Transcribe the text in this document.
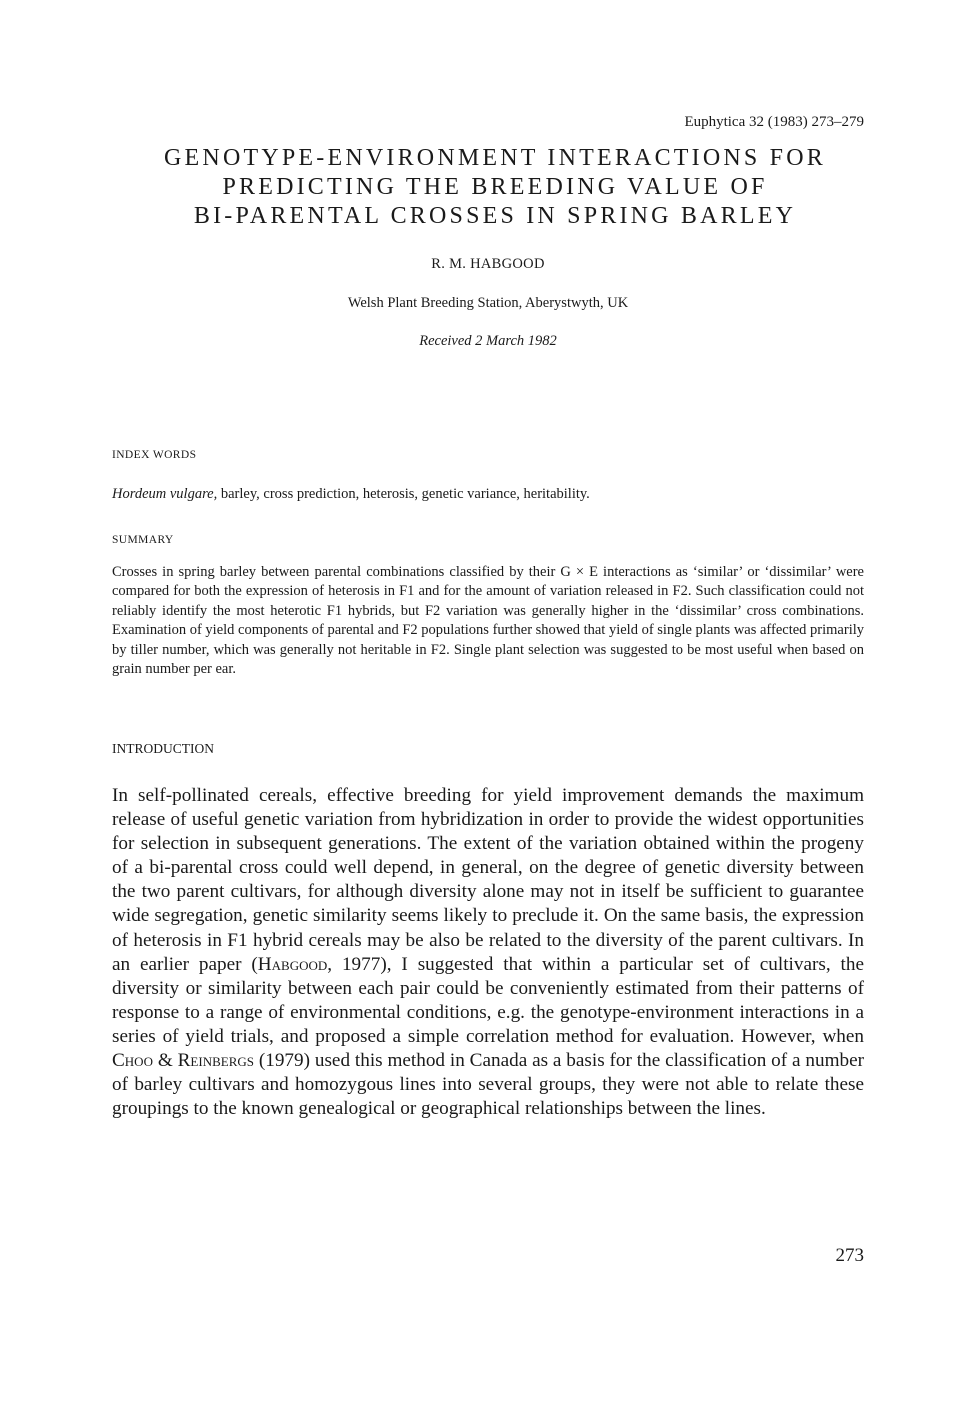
Euphytica 32 (1983) 273–279
GENOTYPE-ENVIRONMENT INTERACTIONS FOR
PREDICTING THE BREEDING VALUE OF
BI-PARENTAL CROSSES IN SPRING BARLEY
R. M. HABGOOD
Welsh Plant Breeding Station, Aberystwyth, UK
Received 2 March 1982
INDEX WORDS
Hordeum vulgare, barley, cross prediction, heterosis, genetic variance, heritability.
SUMMARY
Crosses in spring barley between parental combinations classified by their G × E interactions as ‘similar’ or ‘dissimilar’ were compared for both the expression of heterosis in F1 and for the amount of variation released in F2. Such classification could not reliably identify the most heterotic F1 hybrids, but F2 variation was generally higher in the ‘dissimilar’ cross combinations. Examination of yield components of parental and F2 populations further showed that yield of single plants was affected primarily by tiller number, which was generally not heritable in F2. Single plant selection was suggested to be most useful when based on grain number per ear.
INTRODUCTION
In self-pollinated cereals, effective breeding for yield improvement demands the maximum release of useful genetic variation from hybridization in order to provide the widest opportunities for selection in subsequent generations. The extent of the variation obtained within the progeny of a bi-parental cross could well depend, in general, on the degree of genetic diversity between the two parent cultivars, for although diversity alone may not in itself be sufficient to guarantee wide segregation, genetic similarity seems likely to preclude it. On the same basis, the expression of heterosis in F1 hybrid cereals may be also be related to the diversity of the parent cultivars. In an earlier paper (Habgood, 1977), I suggested that within a particular set of cultivars, the diversity or similarity between each pair could be conveniently estimated from their patterns of response to a range of environmental conditions, e.g. the genotype-environment interactions in a series of yield trials, and proposed a simple correlation method for evaluation. However, when Choo & Reinbergs (1979) used this method in Canada as a basis for the classification of a number of barley cultivars and homozygous lines into several groups, they were not able to relate these groupings to the known genealogical or geographical relationships between the lines.
273
